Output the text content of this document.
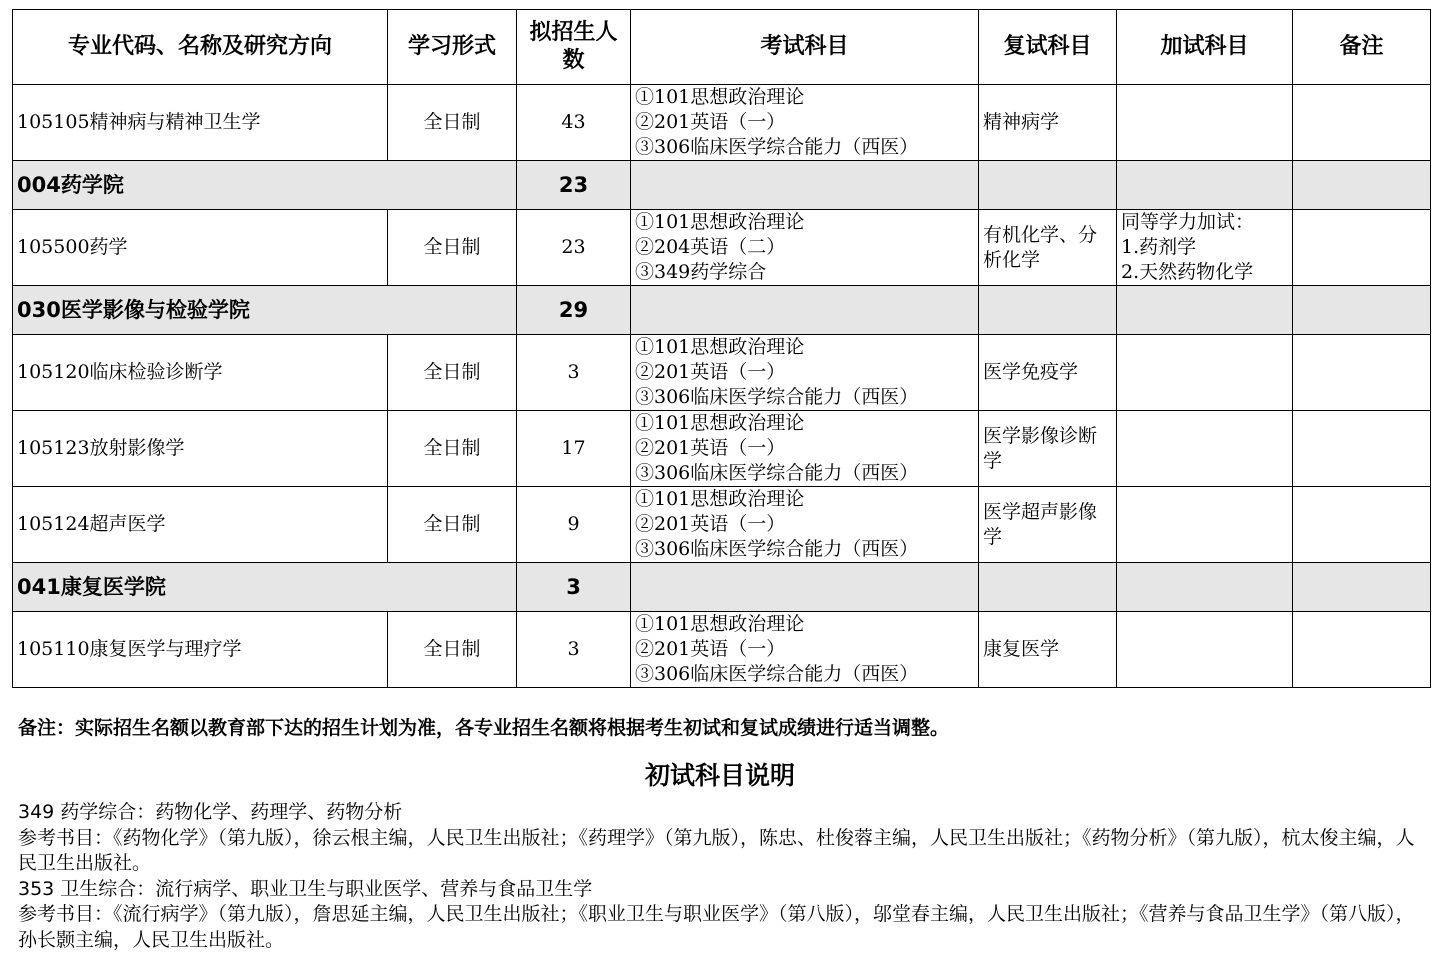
专业代码、名称及研究方向	学习形式	拟招生人数	考试科目	复试科目	加试科目	备注
105105精神病与精神卫生学	全日制	43	①101思想政治理论
②201英语（一）
③306临床医学综合能力（西医）	精神病学		

004药学院		23				
105500药学	全日制	23	①101思想政治理论
②204英语（二）
③349药学综合	有机化学、分析化学	同等学力加试：
1.药剂学
2.天然药物化学	

030医学影像与检验学院		29				
105120临床检验诊断学	全日制	3	①101思想政治理论
②201英语（一）
③306临床医学综合能力（西医）	医学免疫学		

105123放射影像学	全日制	17	①101思想政治理论
②201英语（一）
③306临床医学综合能力（西医）	医学影像诊断学		

105124超声医学	全日制	9	①101思想政治理论
②201英语（一）
③306临床医学综合能力（西医）	医学超声影像学		

041康复医学院		3				
105110康复医学与理疗学	全日制	3	①101思想政治理论
②201英语（一）
③306临床医学综合能力（西医）	康复医学		

备注：实际招生名额以教育部下达的招生计划为准，各专业招生名额将根据考生初试和复试成绩进行适当调整。
初试科目说明

349 药学综合：药物化学、药理学、药物分析

参考书目：《药物化学》（第九版），徐云根主编，人民卫生出版社；《药理学》（第九版），陈忠、杜俊蓉主编，人民卫生出版社；《药物分析》（第九版），杭太俊主编，人民卫生出版社。

353 卫生综合：流行病学、职业卫生与职业医学、营养与食品卫生学

参考书目：《流行病学》（第九版），詹思延主编，人民卫生出版社；《职业卫生与职业医学》（第八版），邬堂春主编，人民卫生出版社；《营养与食品卫生学》（第八版），孙长颢主编，人民卫生出版社。
